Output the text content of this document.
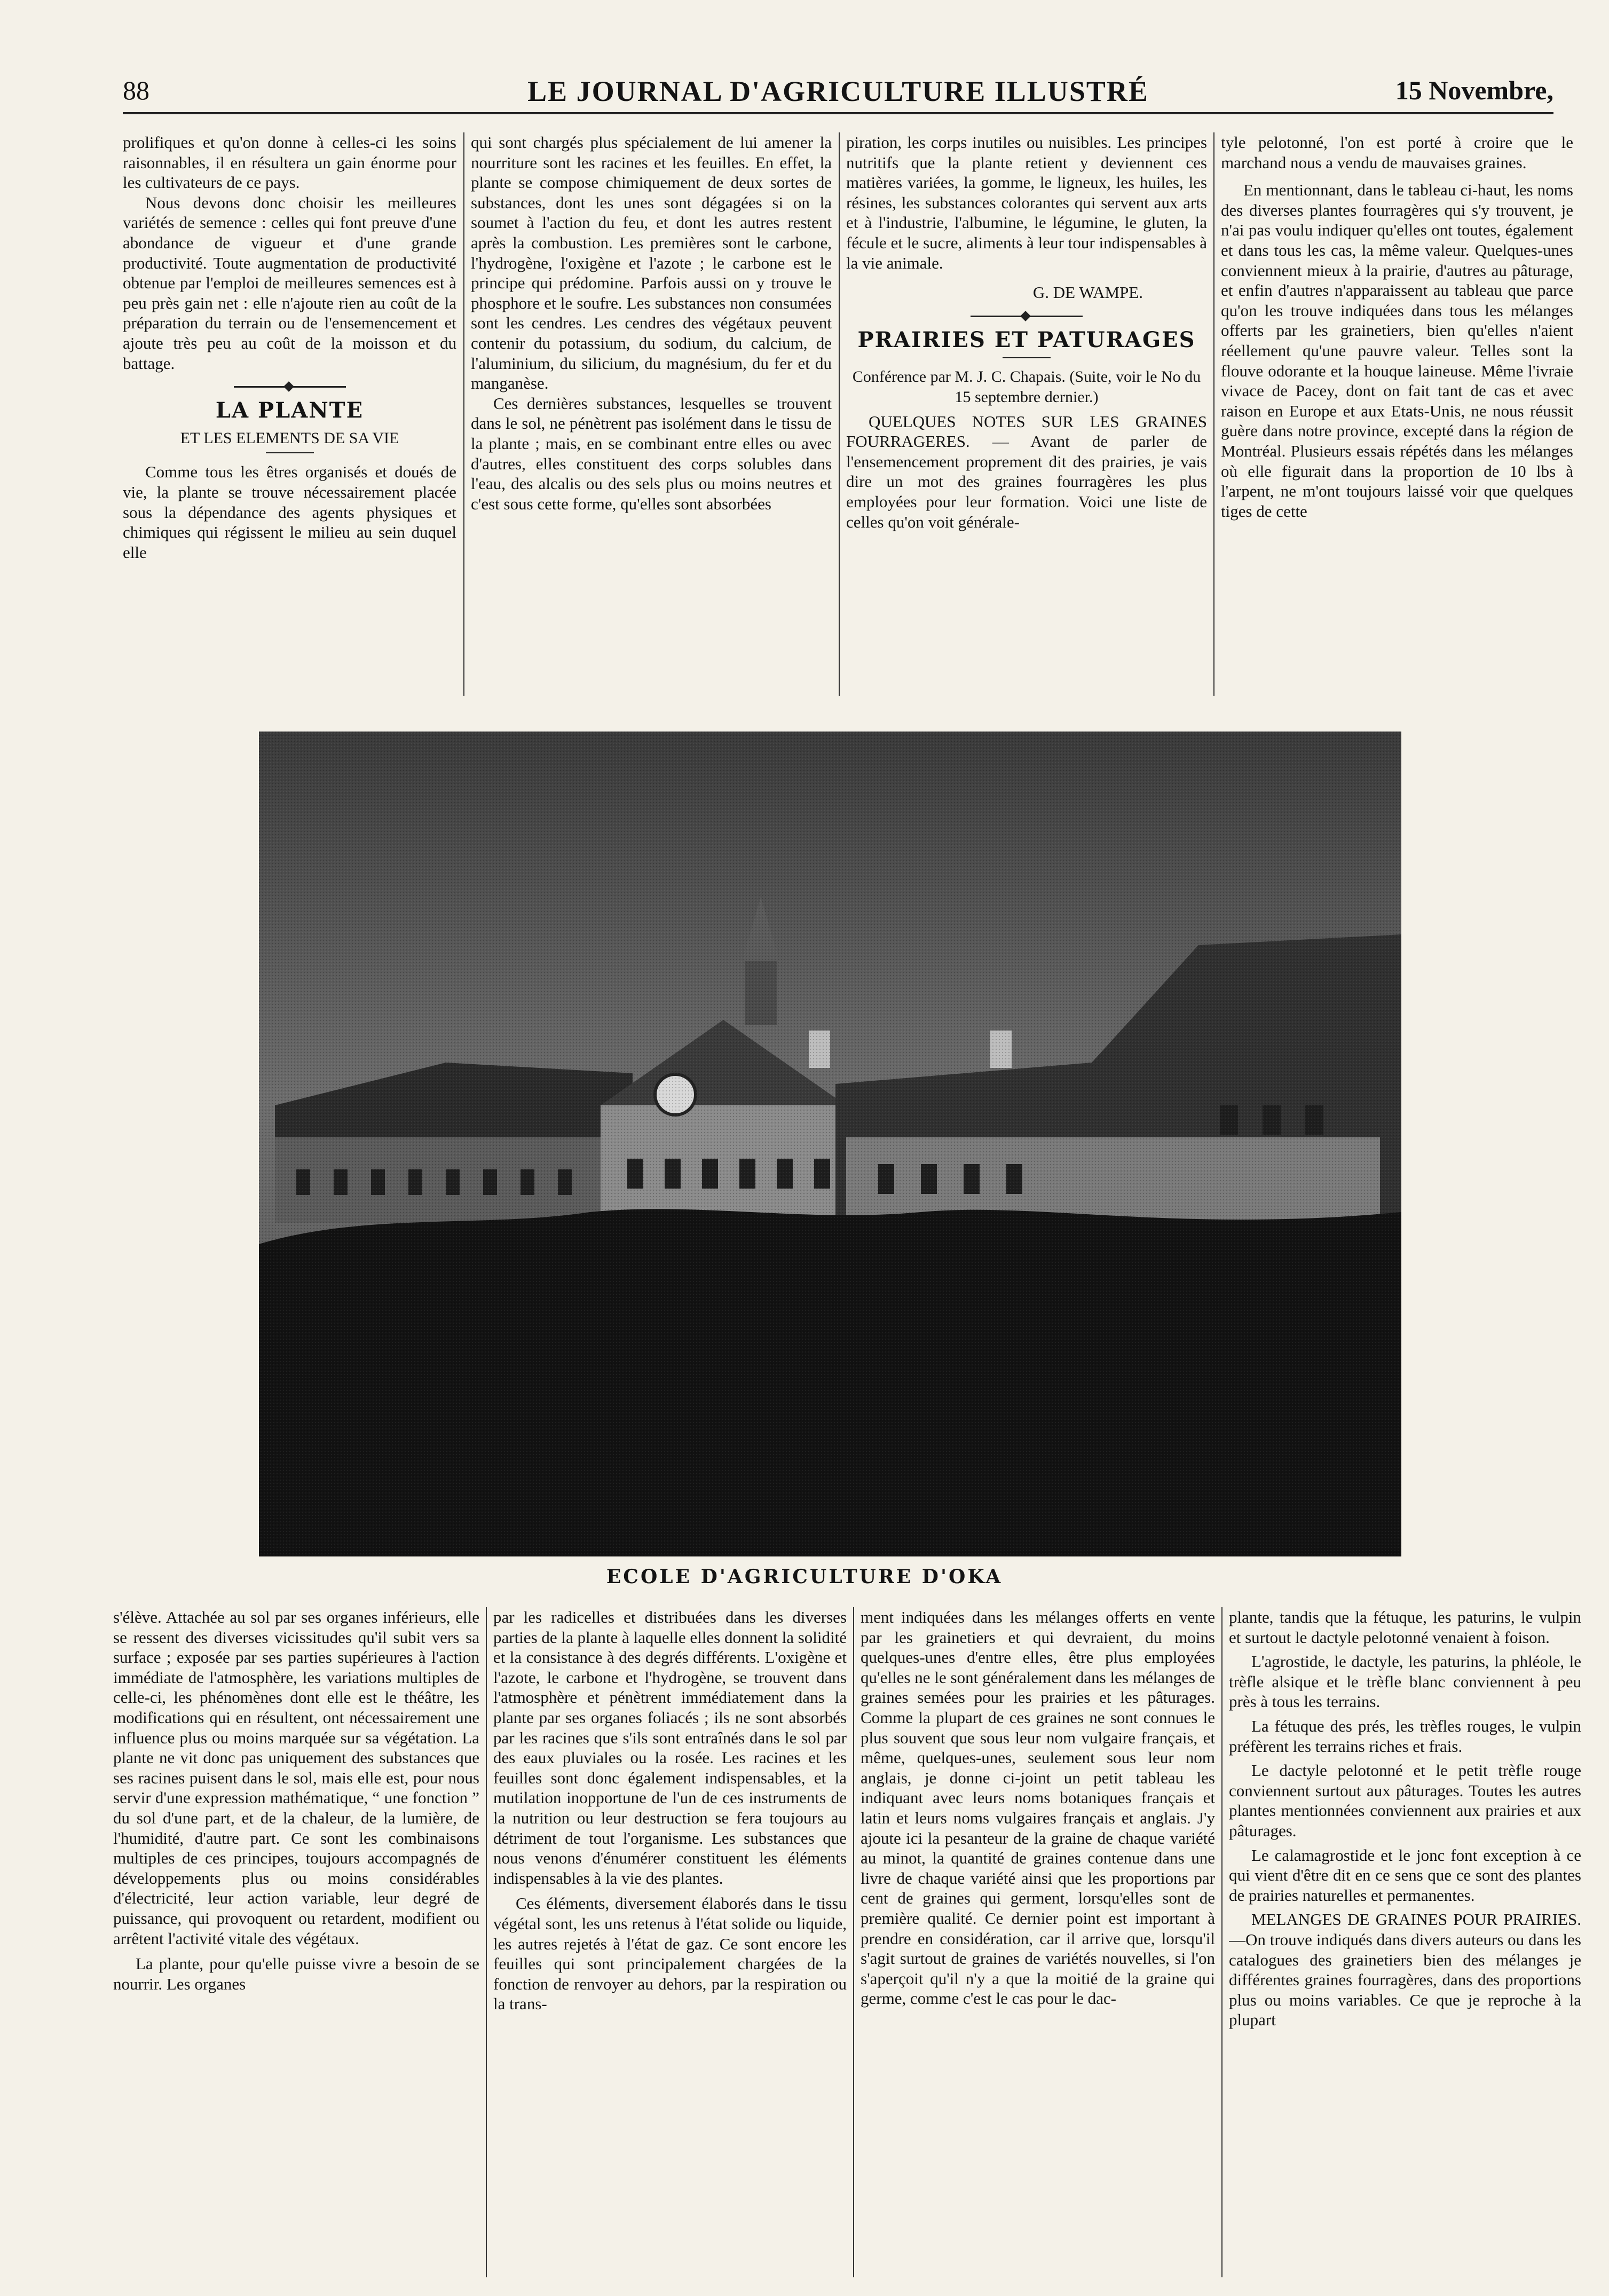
88	LE JOURNAL D'AGRICULTURE ILLUSTRÉ	15 Novembre,

prolifiques et qu'on donne à celles-ci les soins raisonnables, il en résultera un gain énorme pour les cultivateurs de ce pays.

Nous devons donc choisir les meilleures variétés de semence : celles qui font preuve d'une abondance de vigueur et d'une grande productivité. Toute augmentation de productivité obtenue par l'emploi de meilleures semences est à peu près gain net : elle n'ajoute rien au coût de la préparation du terrain ou de l'ensemencement et ajoute très peu au coût de la moisson et du battage.

LA PLANTE
ET LES ELEMENTS DE SA VIE

Comme tous les êtres organisés et doués de vie, la plante se trouve nécessairement placée sous la dépendance des agents physiques et chimiques qui régissent le milieu au sein duquel elle

qui sont chargés plus spécialement de lui amener la nourriture sont les racines et les feuilles. En effet, la plante se compose chimiquement de deux sortes de substances, dont les unes sont dégagées si on la soumet à l'action du feu, et dont les autres restent après la combustion. Les premières sont le carbone, l'hydrogène, l'oxigène et l'azote ; le carbone est le principe qui prédomine. Parfois aussi on y trouve le phosphore et le soufre. Les substances non consumées sont les cendres. Les cendres des végétaux peuvent contenir du potassium, du sodium, du calcium, de l'aluminium, du silicium, du magnésium, du fer et du manganèse.

Ces dernières substances, lesquelles se trouvent dans le sol, ne pénètrent pas isolément dans le tissu de la plante ; mais, en se combinant entre elles ou avec d'autres, elles constituent des corps solubles dans l'eau, des alcalis ou des sels plus ou moins neutres et c'est sous cette forme, qu'elles sont absorbées

piration, les corps inutiles ou nuisibles. Les principes nutritifs que la plante retient y deviennent ces matières variées, la gomme, le ligneux, les huiles, les résines, les substances colorantes qui servent aux arts et à l'industrie, l'albumine, le légumine, le gluten, la fécule et le sucre, aliments à leur tour indispensables à la vie animale.

G. DE WAMPE.

PRAIRIES ET PATURAGES
Conférence par M. J. C. Chapais. (Suite, voir le No du 15 septembre dernier.)

QUELQUES NOTES SUR LES GRAINES FOURRAGERES. — Avant de parler de l'ensemencement proprement dit des prairies, je vais dire un mot des graines fourragères les plus employées pour leur formation. Voici une liste de celles qu'on voit générale-

tyle pelotonné, l'on est porté à croire que le marchand nous a vendu de mauvaises graines.

En mentionnant, dans le tableau ci-haut, les noms des diverses plantes fourragères qui s'y trouvent, je n'ai pas voulu indiquer qu'elles ont toutes, également et dans tous les cas, la même valeur. Quelques-unes conviennent mieux à la prairie, d'autres au pâturage, et enfin d'autres n'apparaissent au tableau que parce qu'on les trouve indiquées dans tous les mélanges offerts par les grainetiers, bien qu'elles n'aient réellement qu'une pauvre valeur. Telles sont la flouve odorante et la houque laineuse. Même l'ivraie vivace de Pacey, dont on fait tant de cas et avec raison en Europe et aux Etats-Unis, ne nous réussit guère dans notre province, excepté dans la région de Montréal. Plusieurs essais répétés dans les mélanges où elle figurait dans la proportion de 10 lbs à l'arpent, ne m'ont toujours laissé voir que quelques tiges de cette

ECOLE D'AGRICULTURE D'OKA

s'élève. Attachée au sol par ses organes inférieurs, elle se ressent des diverses vicissitudes qu'il subit vers sa surface ; exposée par ses parties supérieures à l'action immédiate de l'atmosphère, les variations multiples de celle-ci, les phénomènes dont elle est le théâtre, les modifications qui en résultent, ont nécessairement une influence plus ou moins marquée sur sa végétation. La plante ne vit donc pas uniquement des substances que ses racines puisent dans le sol, mais elle est, pour nous servir d'une expression mathématique, “ une fonction ” du sol d'une part, et de la chaleur, de la lumière, de l'humidité, d'autre part. Ce sont les combinaisons multiples de ces principes, toujours accompagnés de développements plus ou moins considérables d'électricité, leur action variable, leur degré de puissance, qui provoquent ou retardent, modifient ou arrêtent l'activité vitale des végétaux.

La plante, pour qu'elle puisse vivre a besoin de se nourrir. Les organes

par les radicelles et distribuées dans les diverses parties de la plante à laquelle elles donnent la solidité et la consistance à des degrés différents. L'oxigène et l'azote, le carbone et l'hydrogène, se trouvent dans l'atmosphère et pénètrent immédiatement dans la plante par ses organes foliacés ; ils ne sont absorbés par les racines que s'ils sont entraînés dans le sol par des eaux pluviales ou la rosée. Les racines et les feuilles sont donc également indispensables, et la mutilation inopportune de l'un de ces instruments de la nutrition ou leur destruction se fera toujours au détriment de tout l'organisme. Les substances que nous venons d'énumérer constituent les éléments indispensables à la vie des plantes.

Ces éléments, diversement élaborés dans le tissu végétal sont, les uns retenus à l'état solide ou liquide, les autres rejetés à l'état de gaz. Ce sont encore les feuilles qui sont principalement chargées de la fonction de renvoyer au dehors, par la respiration ou la trans-

ment indiquées dans les mélanges offerts en vente par les grainetiers et qui devraient, du moins quelques-unes d'entre elles, être plus employées qu'elles ne le sont généralement dans les mélanges de graines semées pour les prairies et les pâturages. Comme la plupart de ces graines ne sont connues le plus souvent que sous leur nom vulgaire français, et même, quelques-unes, seulement sous leur nom anglais, je donne ci-joint un petit tableau les indiquant avec leurs noms botaniques français et latin et leurs noms vulgaires français et anglais. J'y ajoute ici la pesanteur de la graine de chaque variété au minot, la quantité de graines contenue dans une livre de chaque variété ainsi que les proportions par cent de graines qui germent, lorsqu'elles sont de première qualité. Ce dernier point est important à prendre en considération, car il arrive que, lorsqu'il s'agit surtout de graines de variétés nouvelles, si l'on s'aperçoit qu'il n'y a que la moitié de la graine qui germe, comme c'est le cas pour le dac-

plante, tandis que la fétuque, les paturins, le vulpin et surtout le dactyle pelotonné venaient à foison.

L'agrostide, le dactyle, les paturins, la phléole, le trèfle alsique et le trèfle blanc conviennent à peu près à tous les terrains.

La fétuque des prés, les trèfles rouges, le vulpin préfèrent les terrains riches et frais.

Le dactyle pelotonné et le petit trèfle rouge conviennent surtout aux pâturages. Toutes les autres plantes mentionnées conviennent aux prairies et aux pâturages.

Le calamagrostide et le jonc font exception à ce qui vient d'être dit en ce sens que ce sont des plantes de prairies naturelles et permanentes.

MELANGES DE GRAINES POUR PRAIRIES.—On trouve indiqués dans divers auteurs ou dans les catalogues des grainetiers bien des mélanges je différentes graines fourragères, dans des proportions plus ou moins variables. Ce que je reproche à la plupart
